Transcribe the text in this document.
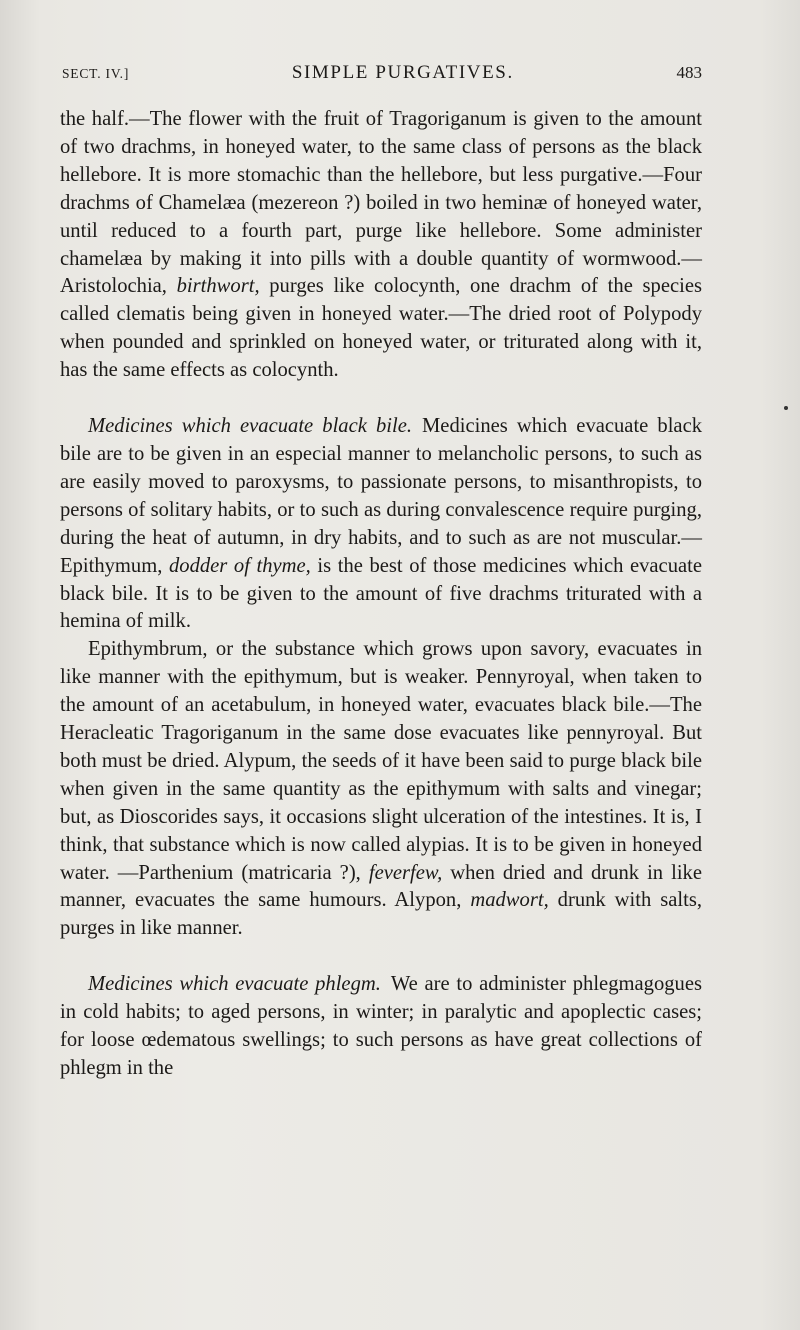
SECT. IV.]	SIMPLE PURGATIVES.	483

the half.—The flower with the fruit of Tragoriganum is given to the amount of two drachms, in honeyed water, to the same class of persons as the black hellebore. It is more stomachic than the hellebore, but less purgative.—Four drachms of Chamelæa (mezereon ?) boiled in two heminæ of honeyed water, until reduced to a fourth part, purge like hellebore. Some administer chamelæa by making it into pills with a double quantity of wormwood.—Aristolochia, birthwort, purges like colocynth, one drachm of the species called clematis being given in honeyed water.—The dried root of Polypody when pounded and sprinkled on honeyed water, or triturated along with it, has the same effects as colocynth.

Medicines which evacuate black bile. Medicines which evacuate black bile are to be given in an especial manner to melancholic persons, to such as are easily moved to paroxysms, to passionate persons, to misanthropists, to persons of solitary habits, or to such as during convalescence require purging, during the heat of autumn, in dry habits, and to such as are not muscular.—Epithymum, dodder of thyme, is the best of those medicines which evacuate black bile. It is to be given to the amount of five drachms triturated with a hemina of milk.

Epithymbrum, or the substance which grows upon savory, evacuates in like manner with the epithymum, but is weaker. Pennyroyal, when taken to the amount of an acetabulum, in honeyed water, evacuates black bile.—The Heracleatic Tragoriganum in the same dose evacuates like pennyroyal. But both must be dried. Alypum, the seeds of it have been said to purge black bile when given in the same quantity as the epithymum with salts and vinegar; but, as Dioscorides says, it occasions slight ulceration of the intestines. It is, I think, that substance which is now called alypias. It is to be given in honeyed water. —Parthenium (matricaria ?), feverfew, when dried and drunk in like manner, evacuates the same humours. Alypon, madwort, drunk with salts, purges in like manner.

Medicines which evacuate phlegm. We are to administer phlegmagogues in cold habits; to aged persons, in winter; in paralytic and apoplectic cases; for loose œdematous swellings; to such persons as have great collections of phlegm in the
